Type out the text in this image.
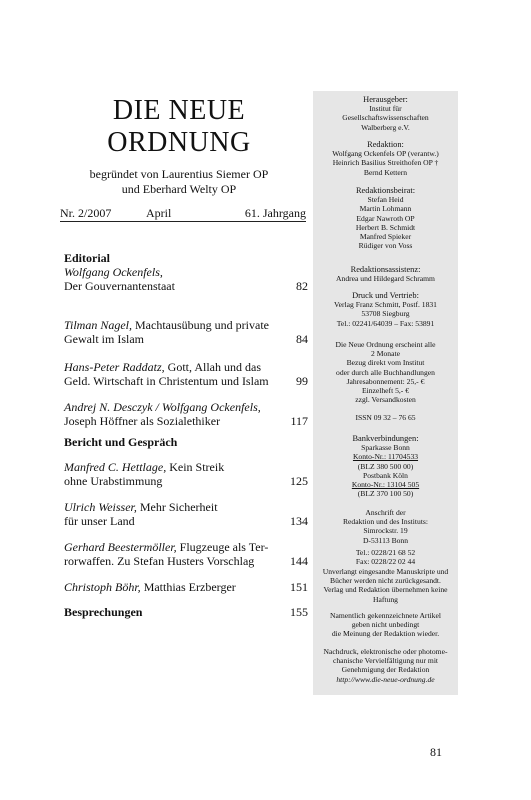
DIE NEUE
ORDNUNG
begründet von Laurentius Siemer OP
und Eberhard Welty OP
Nr. 2/2007	April	61. Jahrgang
Editorial
Wolfgang Ockenfels,
Der Gouvernantenstaat	82
Tilman Nagel, Machtausübung und private
Gewalt im Islam	84
Hans-Peter Raddatz, Gott, Allah und das
Geld. Wirtschaft in Christentum und Islam	99
Andrej N. Desczyk / Wolfgang Ockenfels,
Joseph Höffner als Sozialethiker	117
Bericht und Gespräch
Manfred C. Hettlage, Kein Streik
ohne Urabstimmung	125
Ulrich Weisser, Mehr Sicherheit
für unser Land	134
Gerhard Beestermöller, Flugzeuge als Ter-
rorwaffen. Zu Stefan Husters Vorschlag	144
Christoph Böhr, Matthias Erzberger	151
Besprechungen	155
Herausgeber:
Institut für
Gesellschaftswissenschaften
Walberberg e.V.
Redaktion:
Wolfgang Ockenfels OP (verantw.)
Heinrich Basilius Streithofen OP †
Bernd Kettern
Redaktionsbeirat:
Stefan Heid
Martin Lohmann
Edgar Nawroth OP
Herbert B. Schmidt
Manfred Spieker
Rüdiger von Voss
Redaktionsassistenz:
Andrea und Hildegard Schramm
Druck und Vertrieb:
Verlag Franz Schmitt, Postf. 1831
53708 Siegburg
Tel.: 02241/64039 – Fax: 53891
Die Neue Ordnung erscheint alle
2 Monate
Bezug direkt vom Institut
oder durch alle Buchhandlungen
Jahresabonnement: 25,- €
Einzelheft 5,- €
zzgl. Versandkosten
ISSN 09 32 – 76 65
Bankverbindungen:
Sparkasse Bonn
Konto-Nr.: 11704533
(BLZ 380 500 00)
Postbank Köln
Konto-Nr.: 13104 505
(BLZ 370 100 50)
Anschrift der
Redaktion und des Instituts:
Simrockstr. 19
D-53113 Bonn
Tel.: 0228/21 68 52
Fax: 0228/22 02 44
Unverlangt eingesandte Manuskripte und
Bücher werden nicht zurückgesandt.
Verlag und Redaktion übernehmen keine
Haftung
Namentlich gekennzeichnete Artikel
geben nicht unbedingt
die Meinung der Redaktion wieder.
Nachdruck, elektronische oder photome-
chanische Vervielfältigung nur mit
Genehmigung der Redaktion
http://www.die-neue-ordnung.de
81
